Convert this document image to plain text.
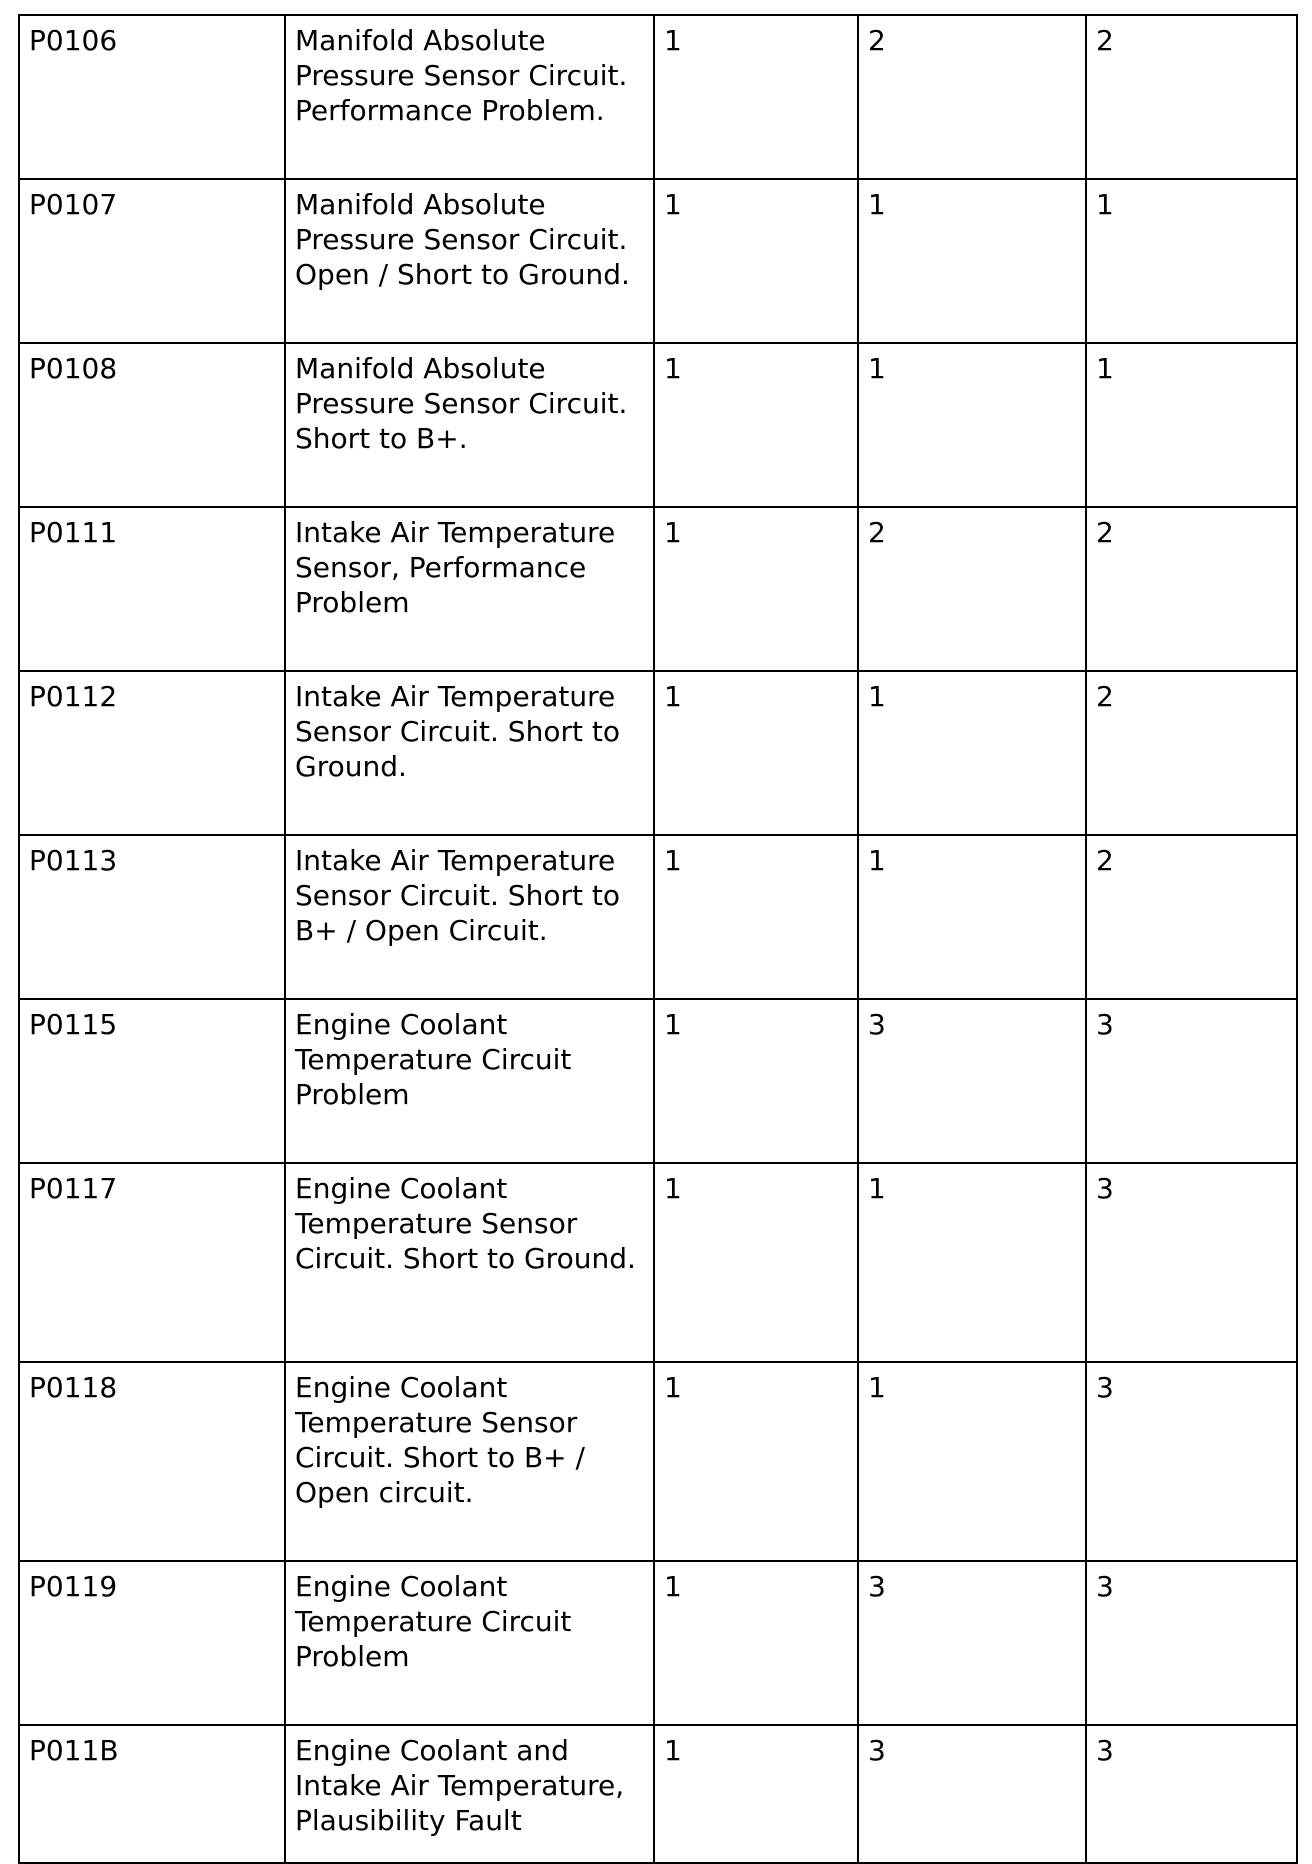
P0106	Manifold Absolute Pressure Sensor Circuit. Performance Problem.	1	2	2
P0107	Manifold Absolute Pressure Sensor Circuit. Open / Short to Ground.	1	1	1
P0108	Manifold Absolute Pressure Sensor Circuit. Short to B+.	1	1	1
P0111	Intake Air Temperature Sensor, Performance Problem	1	2	2
P0112	Intake Air Temperature Sensor Circuit. Short to Ground.	1	1	2
P0113	Intake Air Temperature Sensor Circuit. Short to B+ / Open Circuit.	1	1	2
P0115	Engine Coolant Temperature Circuit Problem	1	3	3
P0117	Engine Coolant Temperature Sensor Circuit. Short to Ground.	1	1	3
P0118	Engine Coolant Temperature Sensor Circuit. Short to B+ / Open circuit.	1	1	3
P0119	Engine Coolant Temperature Circuit Problem	1	3	3
P011B	Engine Coolant and Intake Air Temperature, Plausibility Fault	1	3	3
